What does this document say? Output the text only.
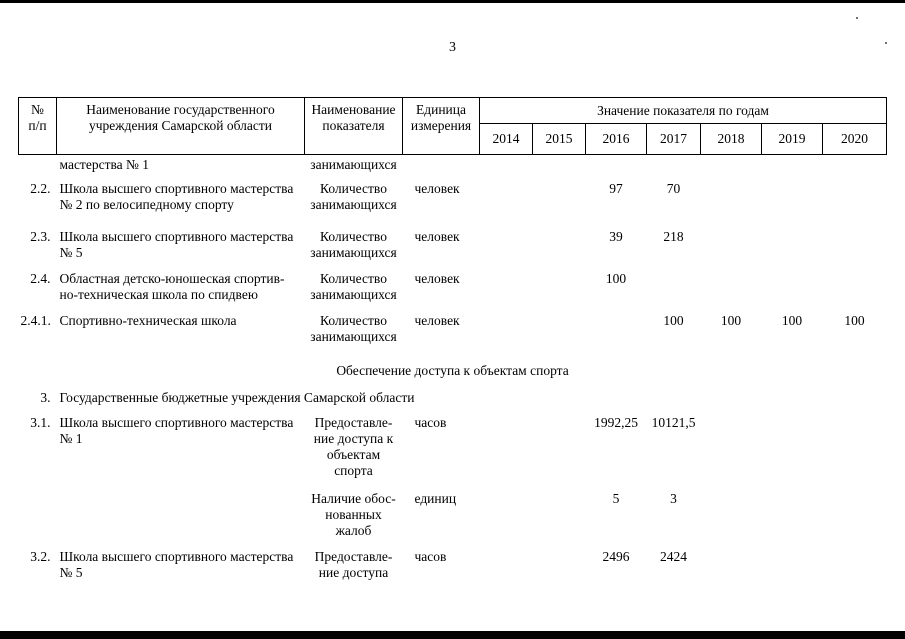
3
№
п/п	Наименование государственного учреждения Самарской области	Наименование показателя	Единица измерения	Значение показателя по годам						
				2014	2015	2016	2017	2018	2019	2020
	мастерства № 1	занимающихся								
2.2.	Школа высшего спортивного мастерства № 2 по велосипедному спорту	Количество занимающихся	человек			97	70			
2.3.	Школа высшего спортивного мастерства № 5	Количество занимающихся	человек			39	218			
2.4.	Областная детско-юношеская спортив-но-техническая школа по спидвею	Количество занимающихся	человек			100				
2.4.1.	Спортивно-техническая школа	Количество занимающихся	человек				100	100	100	100
Обеспечение доступа к объектам спорта										
3.	Государственные бюджетные учреждения Самарской области									
3.1.	Школа высшего спортивного мастерства № 1	Предоставле-ние доступа к объектам спорта	часов			1992,25	10121,5			
		Наличие обос-нованных жалоб	единиц			5	3			
3.2.	Школа высшего спортивного мастерства № 5	Предоставле-ние доступа	часов			2496	2424			
